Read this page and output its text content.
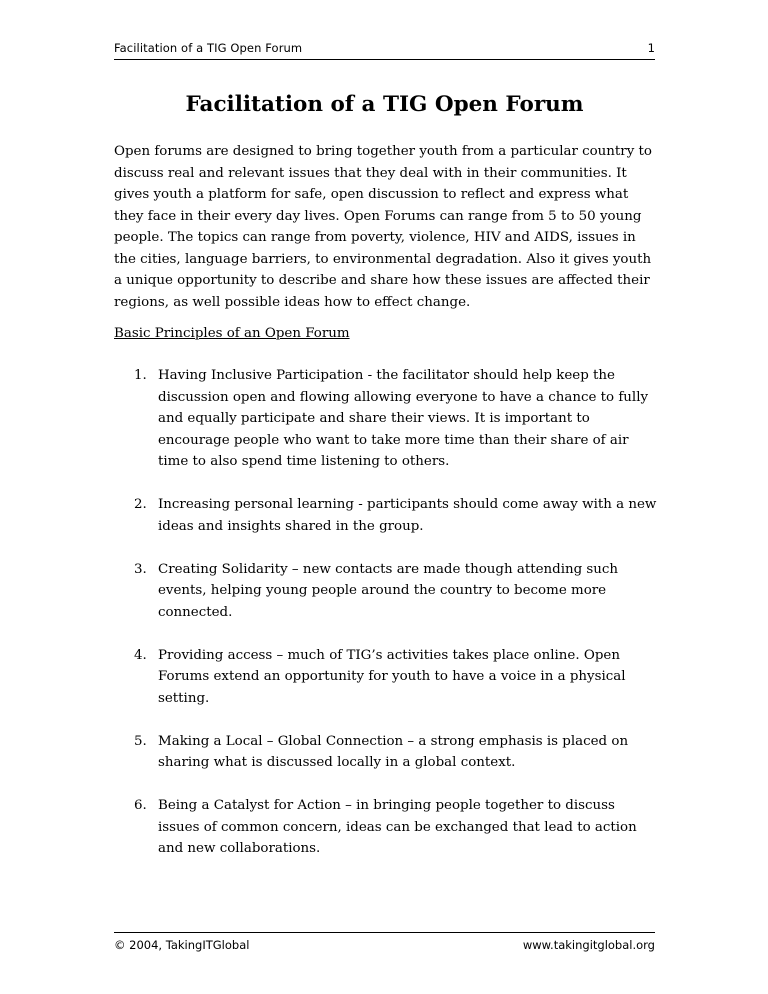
Facilitation of a TIG Open Forum	1
Facilitation of a TIG Open Forum

Open forums are designed to bring together youth from a particular country to discuss real and relevant issues that they deal with in their communities. It gives youth a platform for safe, open discussion to reflect and express what they face in their every day lives. Open Forums can range from 5 to 50 young people. The topics can range from poverty, violence, HIV and AIDS, issues in the cities, language barriers, to environmental degradation. Also it gives youth a unique opportunity to describe and share how these issues are affected their regions, as well possible ideas how to effect change.

Basic Principles of an Open Forum

1. Having Inclusive Participation - the facilitator should help keep the discussion open and flowing allowing everyone to have a chance to fully and equally participate and share their views. It is important to encourage people who want to take more time than their share of air time to also spend time listening to others.
2. Increasing personal learning - participants should come away with a new ideas and insights shared in the group.
3. Creating Solidarity – new contacts are made though attending such events, helping young people around the country to become more connected.
4. Providing access – much of TIG’s activities takes place online. Open Forums extend an opportunity for youth to have a voice in a physical setting.
5. Making a Local – Global Connection – a strong emphasis is placed on sharing what is discussed locally in a global context.
6. Being a Catalyst for Action – in bringing people together to discuss issues of common concern, ideas can be exchanged that lead to action and new collaborations.
© 2004, TakingITGlobal	www.takingitglobal.org
